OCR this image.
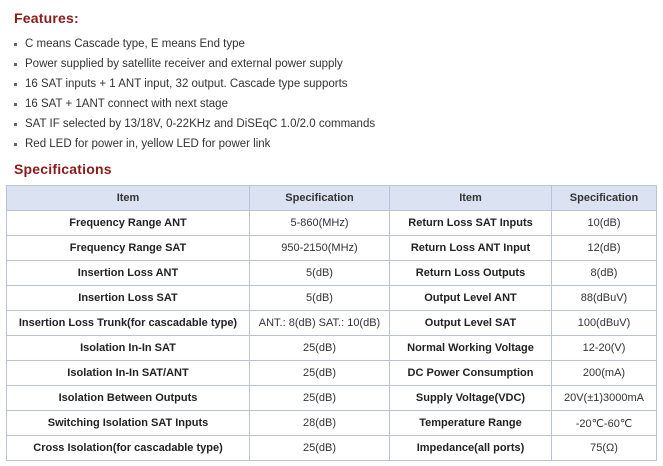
Features:
C means Cascade type, E means End type
Power supplied by satellite receiver and external power supply
16 SAT inputs + 1 ANT input, 32 output. Cascade type supports
16 SAT + 1ANT connect with next stage
SAT IF selected by 13/18V, 0-22KHz and DiSEqC 1.0/2.0 commands
Red LED for power in, yellow LED for power link
Specifications
Item	Specification	Item	Specification
Frequency Range ANT	5-860(MHz)	Return Loss SAT Inputs	10(dB)
Frequency Range SAT	950-2150(MHz)	Return Loss ANT Input	12(dB)
Insertion Loss ANT	5(dB)	Return Loss Outputs	8(dB)
Insertion Loss SAT	5(dB)	Output Level ANT	88(dBuV)
Insertion Loss Trunk(for cascadable type)	ANT.: 8(dB) SAT.: 10(dB)	Output Level SAT	100(dBuV)
Isolation In-In SAT	25(dB)	Normal Working Voltage	12-20(V)
Isolation In-In SAT/ANT	25(dB)	DC Power Consumption	200(mA)
Isolation Between Outputs	25(dB)	Supply Voltage(VDC)	20V(±1)3000mA
Switching Isolation SAT Inputs	28(dB)	Temperature Range	-20℃-60℃
Cross Isolation(for cascadable type)	25(dB)	Impedance(all ports)	75(Ω)
